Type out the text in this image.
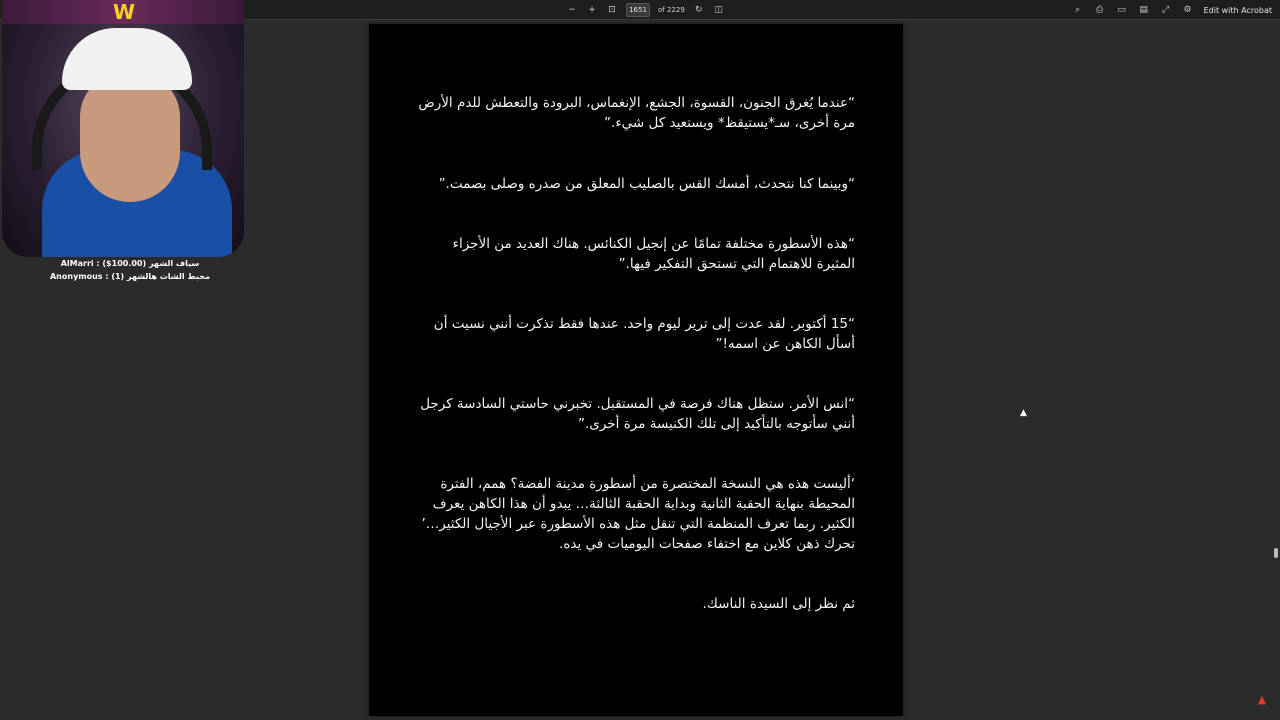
− + ⊡
1651	of 2229 ↻ ◫	⌕	⎙ ▭ ▤ ⤢ ⚙ Edit with Acrobat

“عندما يُغرق الجنون، القسوة، الجشع، الإنغماس، البرودة والتعطش للدم الأرض مرة أخرى، سـ*يستيقظ* ويستعيد كل شيء.”

“وبينما كنا نتحدث، أمسك القس بالصليب المعلق من صدره وصلى بصمت.”

“هذه الأسطورة مختلفة تمامًا عن إنجيل الكنائس. هناك العديد من الأجزاء المثيرة للاهتمام التي تستحق التفكير فيها.”

“15 أكتوبر. لقد عدت إلى ترير ليوم واحد. عندها فقط تذكرت أنني نسيت أن أسأل الكاهن عن اسمه!”

“انس الأمر. ستظل هناك فرصة في المستقبل. تخبرني حاستي السادسة كرجل أنني سأتوجه بالتأكيد إلى تلك الكنيسة مرة أخرى.”

‘أليست هذه هي النسخة المختصرة من أسطورة مدينة الفضة؟ همم، الفترة المحيطة بنهاية الحقبة الثانية وبداية الحقبة الثالثة… يبدو أن هذا الكاهن يعرف الكثير. ربما تعرف المنظمة التي تنقل مثل هذه الأسطورة عبر الأجيال الكثير…’ تحرك ذهن كلاين مع اختفاء صفحات اليوميات في يده.

ثم نظر إلى السيدة الناسك.

▲
▲
W
AlMarri : ($100.00) سياف الشهر
Anonymous : (1) مخبط الشات هالشهر
